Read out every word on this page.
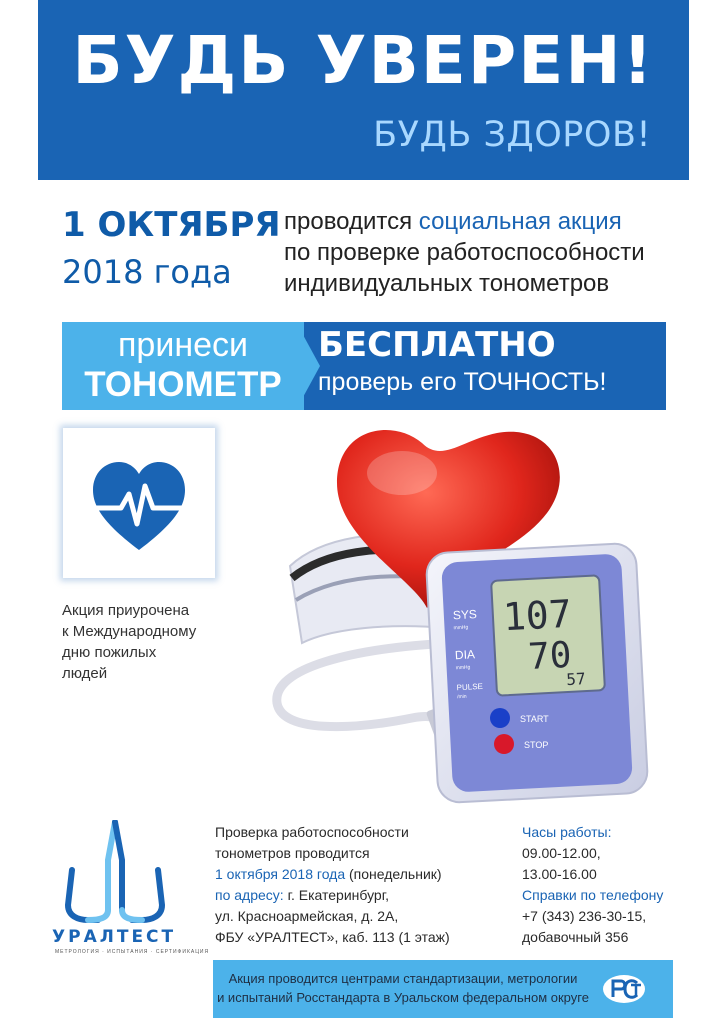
БУДЬ УВЕРЕН!
БУДЬ ЗДОРОВ!
1 ОКТЯБРЯ
2018 года
проводится социальная акция
по проверке работоспособности
индивидуальных тонометров
принеси
ТОНОМЕТР
БЕСПЛАТНО
проверь его ТОЧНОСТЬ!
Акция приурочена
к Международному
дню пожилых
людей
SYS
mmHg
DIA
mmHg
PULSE
/min
107
70
57
START
STOP
УРАЛТЕСТ
МЕТРОЛОГИЯ · ИСПЫТАНИЯ · СЕРТИФИКАЦИЯ
Проверка работоспособности
тонометров проводится
1 октября 2018 года (понедельник)
по адресу: г. Екатеринбург,
ул. Красноармейская, д. 2А,
ФБУ «УРАЛТЕСТ», каб. 113 (1 этаж)
Часы работы:
09.00-12.00,
13.00-16.00
Справки по телефону
+7 (343) 236-30-15,
добавочный 356
Акция проводится центрами стандартизации, метрологии
и испытаний Росстандарта в Уральском федеральном округе
